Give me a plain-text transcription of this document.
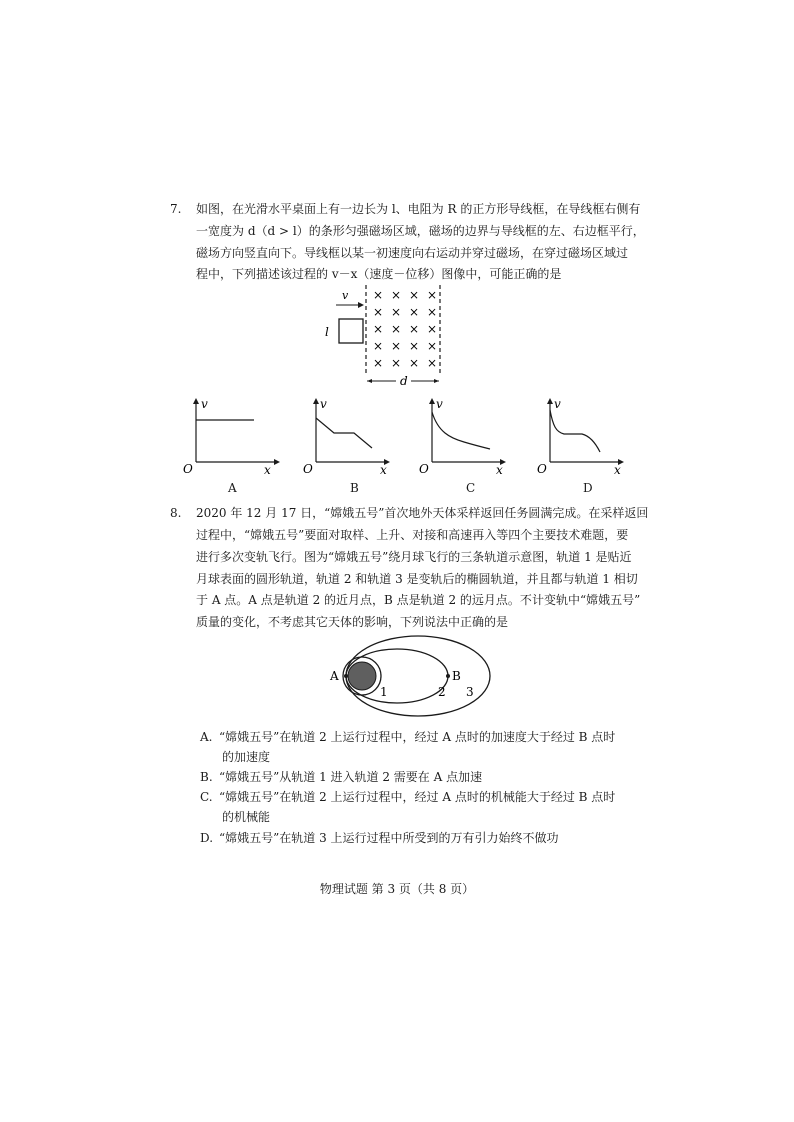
7. 如图，在光滑水平桌面上有一边长为 l、电阻为 R 的正方形导线框，在导线框右侧有
一宽度为 d（d > l）的条形匀强磁场区域，磁场的边界与导线框的左、右边框平行，
磁场方向竖直向下。导线框以某一初速度向右运动并穿过磁场，在穿过磁场区域过
程中，下列描述该过程的 v－x（速度－位移）图像中，可能正确的是
v
l
× × × ×
× × × ×
× × × ×
× × × ×
× × × ×
d
v
x
O
A
v
x
O
B
v
x
O
C
v
x
O
D
8. 2020 年 12 月 17 日，“嫦娥五号”首次地外天体采样返回任务圆满完成。在采样返回
过程中，“嫦娥五号”要面对取样、上升、对接和高速再入等四个主要技术难题，要
进行多次变轨飞行。图为“嫦娥五号”绕月球飞行的三条轨道示意图，轨道 1 是贴近
月球表面的圆形轨道，轨道 2 和轨道 3 是变轨后的椭圆轨道，并且都与轨道 1 相切
于 A 点。A 点是轨道 2 的近月点，B 点是轨道 2 的远月点。不计变轨中“嫦娥五号”
质量的变化，不考虑其它天体的影响，下列说法中正确的是
A	B
1	2 3
A. “嫦娥五号”在轨道 2 上运行过程中，经过 A 点时的加速度大于经过 B 点时
的加速度
B. “嫦娥五号”从轨道 1 进入轨道 2 需要在 A 点加速
C. “嫦娥五号”在轨道 2 上运行过程中，经过 A 点时的机械能大于经过 B 点时
的机械能
D. “嫦娥五号”在轨道 3 上运行过程中所受到的万有引力始终不做功
物理试题 第 3 页（共 8 页）
